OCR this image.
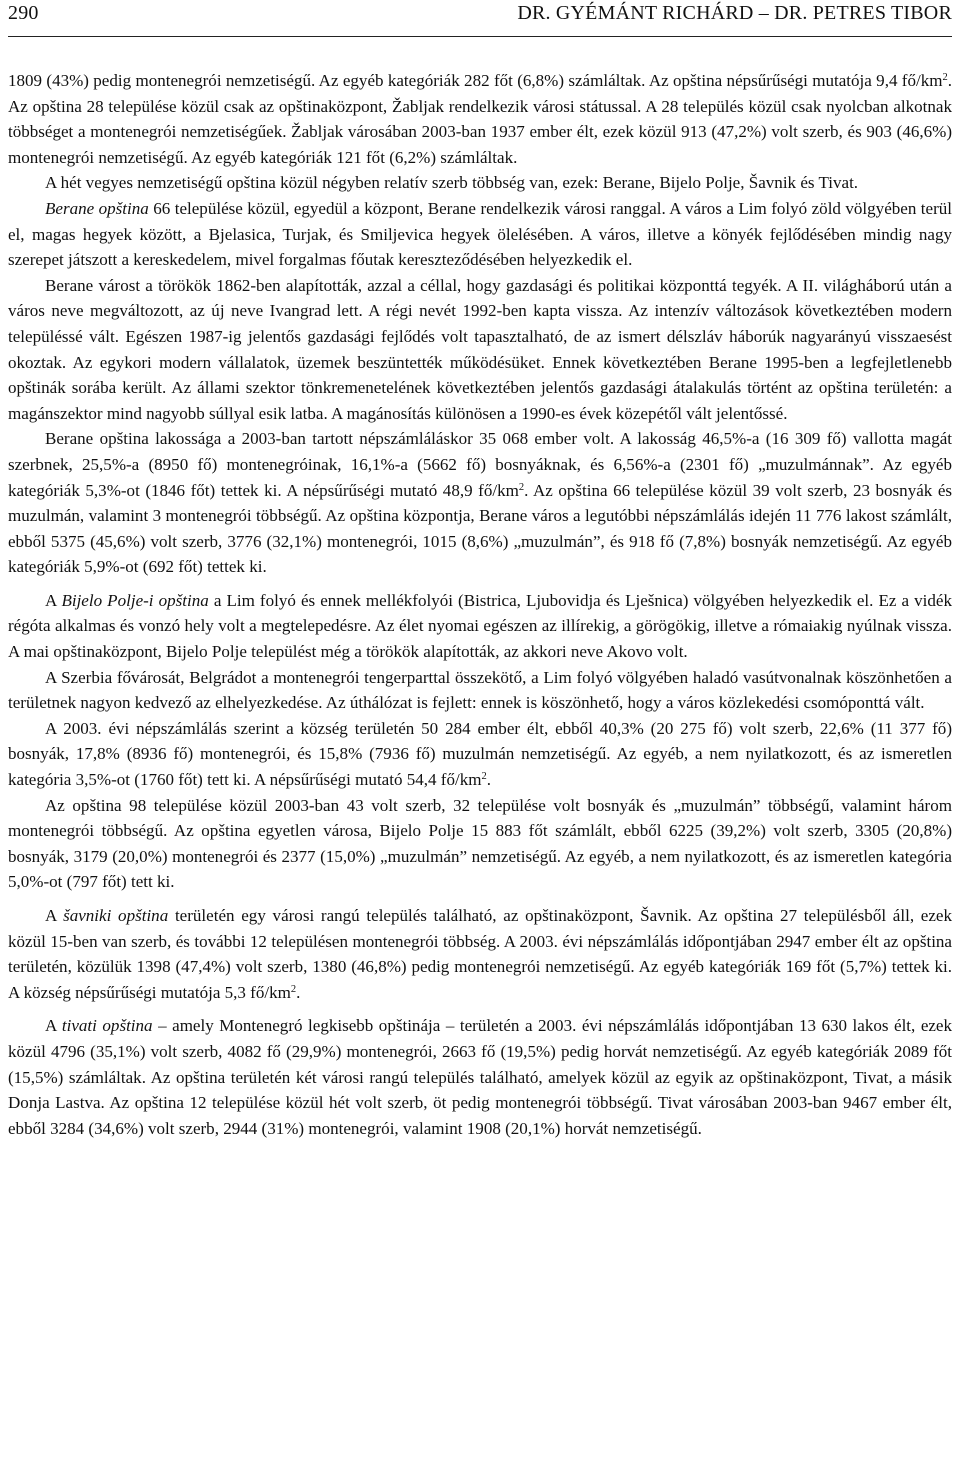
290	DR. GYÉMÁNT RICHÁRD – DR. PETRES TIBOR

1809 (43%) pedig montenegrói nemzetiségű. Az egyéb kategóriák 282 főt (6,8%) számláltak. Az opština népsűrűségi mutatója 9,4 $fő/km^2$. Az opština 28 települése közül csak az opštinaközpont, Žabljak rendelkezik városi státussal. A 28 település közül csak nyolcban alkotnak többséget a montenegrói nemzetiségűek. Žabljak városában 2003-ban 1937 ember élt, ezek közül 913 (47,2%) volt szerb, és 903 (46,6%) montenegrói nemzetiségű. Az egyéb kategóriák 121 főt (6,2%) számláltak.

A hét vegyes nemzetiségű opština közül négyben relatív szerb többség van, ezek: Berane, Bijelo Polje, Šavnik és Tivat.

Berane opština 66 települése közül, egyedül a központ, Berane rendelkezik városi ranggal. A város a Lim folyó zöld völgyében terül el, magas hegyek között, a Bjelasica, Turjak, és Smiljevica hegyek ölelésében. A város, illetve a könyék fejlődésében mindig nagy szerepet játszott a kereskedelem, mivel forgalmas főutak kereszteződésében helyezkedik el.

Berane várost a törökök 1862-ben alapították, azzal a céllal, hogy gazdasági és politikai központtá tegyék. A II. világháború után a város neve megváltozott, az új neve Ivangrad lett. A régi nevét 1992-ben kapta vissza. Az intenzív változások következtében modern településsé vált. Egészen 1987-ig jelentős gazdasági fejlődés volt tapasztalható, de az ismert délszláv háborúk nagyarányú visszaesést okoztak. Az egykori modern vállalatok, üzemek beszüntették működésüket. Ennek következtében Berane 1995-ben a legfejletlenebb opštinák sorába került. Az állami szektor tönkremenetelének következtében jelentős gazdasági átalakulás történt az opština területén: a magánszektor mind nagyobb súllyal esik latba. A magánosítás különösen a 1990-es évek közepétől vált jelentőssé.

Berane opština lakossága a 2003-ban tartott népszámláláskor 35 068 ember volt. A lakosság 46,5%-a (16 309 fő) vallotta magát szerbnek, 25,5%-a (8950 fő) montenegróinak, 16,1%-a (5662 fő) bosnyáknak, és 6,56%-a (2301 fő) „muzulmánnak”. Az egyéb kategóriák 5,3%-ot (1846 főt) tettek ki. A népsűrűségi mutató 48,9 $fő/km^2$. Az opština 66 települése közül 39 volt szerb, 23 bosnyák és muzulmán, valamint 3 montenegrói többségű. Az opština központja, Berane város a legutóbbi népszámlálás idején 11 776 lakost számlált, ebből 5375 (45,6%) volt szerb, 3776 (32,1%) montenegrói, 1015 (8,6%) „muzulmán”, és 918 fő (7,8%) bosnyák nemzetiségű. Az egyéb kategóriák 5,9%-ot (692 főt) tettek ki.

A Bijelo Polje-i opština a Lim folyó és ennek mellékfolyói (Bistrica, Ljubovidja és Lješnica) völgyében helyezkedik el. Ez a vidék régóta alkalmas és vonzó hely volt a megtelepedésre. Az élet nyomai egészen az illírekig, a görögökig, illetve a rómaiakig nyúlnak vissza. A mai opštinaközpont, Bijelo Polje települést még a törökök alapították, az akkori neve Akovo volt.

A Szerbia fővárosát, Belgrádot a montenegrói tengerparttal összekötő, a Lim folyó völgyében haladó vasútvonalnak köszönhetően a területnek nagyon kedvező az elhelyezkedése. Az úthálózat is fejlett: ennek is köszönhető, hogy a város közlekedési csomóponttá vált.

A 2003. évi népszámlálás szerint a község területén 50 284 ember élt, ebből 40,3% (20 275 fő) volt szerb, 22,6% (11 377 fő) bosnyák, 17,8% (8936 fő) montenegrói, és 15,8% (7936 fő) muzulmán nemzetiségű. Az egyéb, a nem nyilatkozott, és az ismeretlen kategória 3,5%-ot (1760 főt) tett ki. A népsűrűségi mutató 54,4 $fő/km^2$.

Az opština 98 települése közül 2003-ban 43 volt szerb, 32 települése volt bosnyák és „muzulmán” többségű, valamint három montenegrói többségű. Az opština egyetlen városa, Bijelo Polje 15 883 főt számlált, ebből 6225 (39,2%) volt szerb, 3305 (20,8%) bosnyák, 3179 (20,0%) montenegrói és 2377 (15,0%) „muzulmán” nemzetiségű. Az egyéb, a nem nyilatkozott, és az ismeretlen kategória 5,0%-ot (797 főt) tett ki.

A šavniki opština területén egy városi rangú település található, az opštinaközpont, Šavnik. Az opština 27 településből áll, ezek közül 15-ben van szerb, és további 12 településen montenegrói többség. A 2003. évi népszámlálás időpontjában 2947 ember élt az opština területén, közülük 1398 (47,4%) volt szerb, 1380 (46,8%) pedig montenegrói nemzetiségű. Az egyéb kategóriák 169 főt (5,7%) tettek ki. A község népsűrűségi mutatója 5,3 $fő/km^2$.

A tivati opština – amely Montenegró legkisebb opštinája – területén a 2003. évi népszámlálás időpontjában 13 630 lakos élt, ezek közül 4796 (35,1%) volt szerb, 4082 fő (29,9%) montenegrói, 2663 fő (19,5%) pedig horvát nemzetiségű. Az egyéb kategóriák 2089 főt (15,5%) számláltak. Az opština területén két városi rangú település található, amelyek közül az egyik az opštinaközpont, Tivat, a másik Donja Lastva. Az opština 12 települése közül hét volt szerb, öt pedig montenegrói többségű. Tivat városában 2003-ban 9467 ember élt, ebből 3284 (34,6%) volt szerb, 2944 (31%) montenegrói, valamint 1908 (20,1%) horvát nemzetiségű.
